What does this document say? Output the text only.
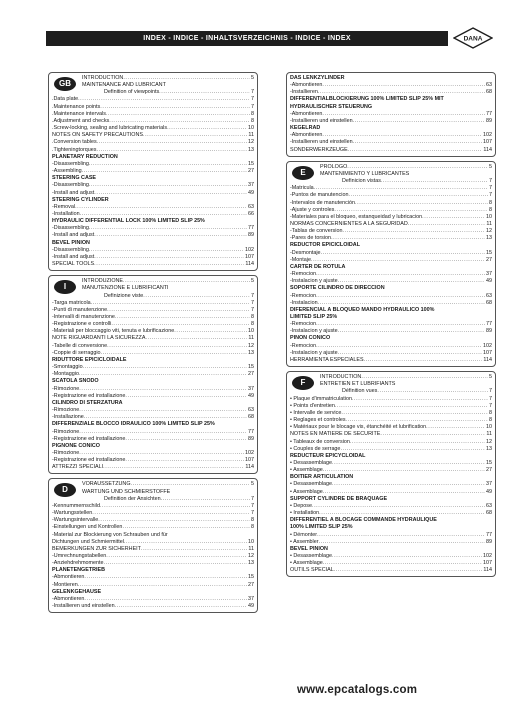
INDEX - INDICE - INHALTSVERZEICHNIS - INDICE - INDEX	DANA
GB
INTRODUCTION .....	5
MAINTENANCE AND LUBRICANT
Definition of viewpoints .....	7
.Data plate .....	7
.Maintenance points .....	7
.Maintenance intervals .....	8
.Adjustment and checks .....	8
.Screw-locking, sealing and lubricating materials .....	10
NOTES ON SAFETY PRECAUTIONS .....	11
.Conversion tables .....	12
.Tighteningtorques .....	13
PLANETARY REDUCTION
-Disassembling .....	15
-Assembling .....	27
STEERING CASE
-Disassembling .....	37
-Install and adjust .....	49
STEERING CYLINDER
-Removal .....	63
-Installation .....	66
HYDRAULIC DIFFERENTIAL LOCK 100% LIMITED SLIP 25%
-Disassembling .....	77
-Install and adjust .....	89
BEVEL PINION
-Disassembling .....	102
-Install and adjust .....	107
SPECIAL TOOLS .....	114
I
INTRODUZIONE .....	5
MANUTENZIONE E LUBRIFICANTI
Definizione viste .....	7
-Targa matricola .....	7
-Punti di manutenzione .....	7
-Intervalli di manutenzione .....	8
-Registrazione e controlli .....	8
-Materiali per bloccaggio viti, tenuta e lubrificazione .....	10
NOTE RIGUARDANTI LA SICUREZZA .....	11
-Tabelle di conversione .....	12
-Coppie di serraggio .....	13
RIDUTTORE EPICICLOIDALE
-Smontaggio .....	15
-Montaggio .....	27
SCATOLA SNODO
-Rimozione .....	37
-Registrazione ed installazione .....	49
CILINDRO DI STERZATURA
-Rimozione .....	63
-Installazione .....	68
DIFFERENZIALE BLOCCO IDRAULICO 100% LIMITED SLIP 25%
-Rimozione .....	77
-Registrazione ed installazione .....	89
PIGNONE CONICO
-Rimozione .....	102
-Registrazione ed installazione .....	107
ATTREZZI SPECIALI .....	114
D
VORAUSSETZUNG .....	5
WARTUNG UND SCHMIERSTOFFE
Definition der Ansichten .....	7
-Kennummernschild .....	7
-Wartungsstellen .....	7
-Wartungsintervalle .....	8
-Einstellungen und Kontrollen .....	8
-Material zur Blockierung von Schrauben und für
Dichtungen und Schmiermittel .....	10
BEMERKUNGEN ZUR SICHERHEIT .....	11
-Umrechnungstabellen .....	12
-Anziehdrehmomente .....	13
PLANETENGETRIEB
-Abmontieren .....	15
-Montieren .....	27
GELENKGEHÄUSE
-Abmontieren .....	37
-Installieren und einstellen .....	49
DAS LENKZYLINDER
-Abmontieren .....	63
-Installieren .....	68
DIFFERENTIALBLOCKIERUNG 100% LIMITED SLIP 25% MIT
HYDRAULISCHER STEUERUNG
-Abmontieren .....	77
-Installieren und einstellen .....	89
KEGELRAD
-Abmontieren .....	102
-Installieren und einstellen .....	107
SONDERWERKZEUGE .....	114
E
PROLOGO .....	5
MANTENIMIENTO Y LUBRICANTES
Definicion vistas .....	7
-Matricula .....	7
-Puntos de manutencion .....	7
-Intervalos de manutención .....	8
-Ajuste y controles .....	8
-Materiales para el bloqueo, estanqueidad y lubricacion .....	10
NORMAS CONCERNIENTES A LA SEGURIDAD .....	11
-Tablas de conversion .....	12
-Pares de torsion .....	13
REDUCTOR EPICICLOIDAL
-Desmontaje .....	15
-Montaje .....	27
CARTER DE ROTULA
-Remocion .....	37
-Instalacion y ajuste .....	49
SOPORTE CILINDRO DE DIRECCIÓN
-Remocion .....	63
-Instalacion .....	68
DIFERENCIAL A BLOQUEO MANDO HYDRAULICO 100%
LIMITED SLIP 25%
-Remocion .....	77
-Instalacion y ajuste .....	89
PIÑON CONICO
-Remocion .....	102
-Instalacion y ajuste .....	107
HERRAMIENTA ESPECIALES .....	114
F
INTRODUCTION .....	5
ENTRETIEN ET LUBRIFIANTS
Définition vues .....	7
• Plaque d'immatriculation .....	7
• Points d'entretien .....	7
• Intervalle de service .....	8
• Reglages et controles .....	8
• Matériaux pour le blocage vis, étanchéité et lubrification .....	10
NOTES EN MATIERE DE SECURITE .....	11
• Tableaux de conversion .....	12
• Couples de serrage .....	13
REDUCTEUR EPICYCLOIDAL
• Desassemblage .....	15
• Assemblage .....	27
BOITIER ARTICULATION
• Desassemblage .....	37
• Assemblage .....	49
SUPPORT CYLINDRE DE BRAQUAGE
• Depose .....	63
• Installation .....	68
DIFFERENTIEL A BLOCAGE COMMANDE HYDRAULIQUE
100% LIMITED SLIP 25%
• Démonter .....	77
• Assembler .....	89
BEVEL PINION
• Desassemblage .....	102
• Assemblage .....	107
OUTILS SPECIAL .....	114
www.epcatalogs.com
